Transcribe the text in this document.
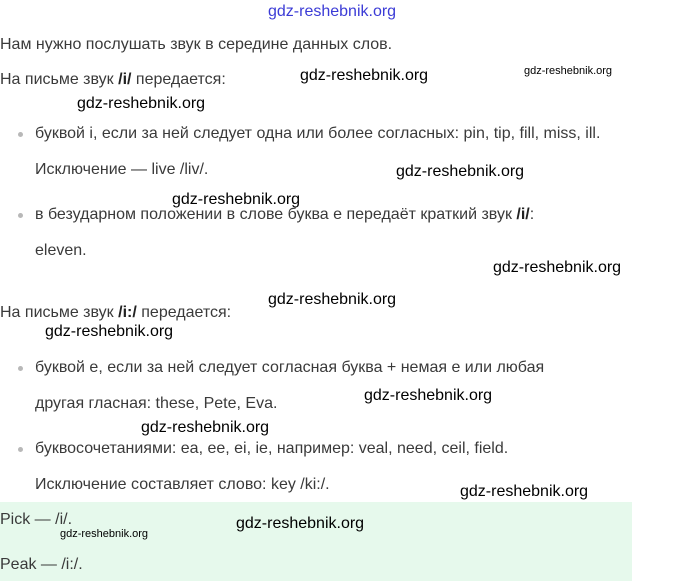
gdz-reshebnik.org
Нам нужно послушать звук в середине данных слов.
На письме звук /i/ передается:	gdz-reshebnik.org	gdz-reshebnik.org
gdz-reshebnik.org
буквой i, если за ней следует одна или более согласных: pin, tip, fill, miss, ill.
Исключение — live /liv/.	gdz-reshebnik.org
gdz-reshebnik.org
в безударном положении в слове буква e передаёт краткий звук /i/:
eleven.
gdz-reshebnik.org
На письме звук /i:/ передается:
gdz-reshebnik.org
gdz-reshebnik.org
буквой e, если за ней следует согласная буква + немая e или любая
другая гласная: these, Pete, Eva.	gdz-reshebnik.org
gdz-reshebnik.org
буквосочетаниями: ea, ee, ei, ie, например: veal, need, ceil, field.
Исключение составляет слово: key /ki:/.	gdz-reshebnik.org
Pick — /i/.
gdz-reshebnik.org
gdz-reshebnik.org
Peak — /i:/.
